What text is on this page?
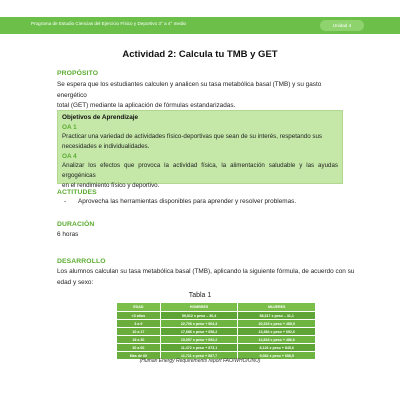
Programa de Estudio Ciencias del Ejercicio Físico y Deportivo 3° a 4° medio	Unidad 4
Actividad 2: Calcula tu TMB y GET
PROPÓSITO
Se espera que los estudiantes calculen y analicen su tasa metabólica basal (TMB) y su gasto energético
total (GET) mediante la aplicación de fórmulas estandarizadas.
Objetivos de Aprendizaje
OA 1
Practicar una variedad de actividades físico-deportivas que sean de su interés, respetando sus
necesidades e individualidades.
OA 4
Analizar los efectos que provoca la actividad física, la alimentación saludable y las ayudas ergogénicas
en el rendimiento físico y deportivo.
ACTITUDES
- Aprovecha las herramientas disponibles para aprender y resolver problemas.
DURACIÓN
6 horas
DESARROLLO
Los alumnos calculan su tasa metabólica basal (TMB), aplicando la siguiente fórmula, de acuerdo con su
edad y sexo:
Tabla 1
EDAD	HOMBRES	MUJERES
<3 años	59,512 x peso – 30,4	58,317 x peso – 31,1
3 a 9	22,706 x peso + 504,3	20,315 x peso + 485,9
10 a 17	17,686 x peso + 658,2	13,384 x peso + 692,6
18 a 30	15,057 x peso + 692,2	14,818 x peso + 486,6
30 a 60	11,472 x peso + 873,1	8,126 x peso + 845,6
Más de 60	11,711 x peso + 587,7	9,082 x peso + 658,5
(Human Energy Requirements report FAO/WHO/UNU)
